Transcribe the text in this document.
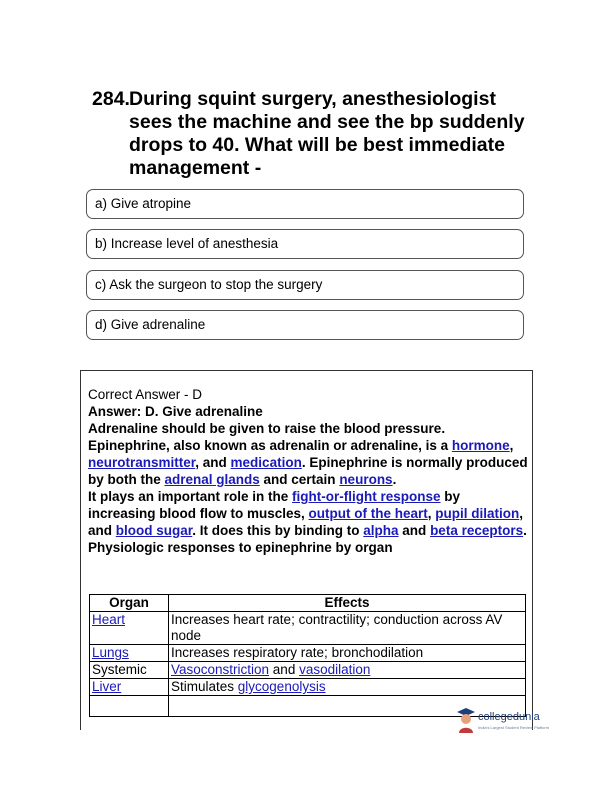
284. During squint surgery, anesthesiologist sees the machine and see the bp suddenly drops to 40. What will be best immediate management -
a) Give atropine
b) Increase level of anesthesia
c) Ask the surgeon to stop the surgery
d) Give adrenaline

Correct Answer - D

Answer: D. Give adrenaline

Adrenaline should be given to raise the blood pressure.

Epinephrine, also known as adrenalin or adrenaline, is a hormone, neurotransmitter, and medication. Epinephrine is normally produced by both the adrenal glands and certain neurons.

It plays an important role in the fight-or-flight response by increasing blood flow to muscles, output of the heart, pupil dilation, and blood sugar. It does this by binding to alpha and beta receptors.

Physiologic responses to epinephrine by organ

Organ	Effects
Heart	Increases heart rate; contractility; conduction across AV node
Lungs	Increases respiratory rate; bronchodilation
Systemic	Vasoconstriction and vasodilation
Liver	Stimulates glycogenolysis

collegedunia
India's Largest Student Review Platform
